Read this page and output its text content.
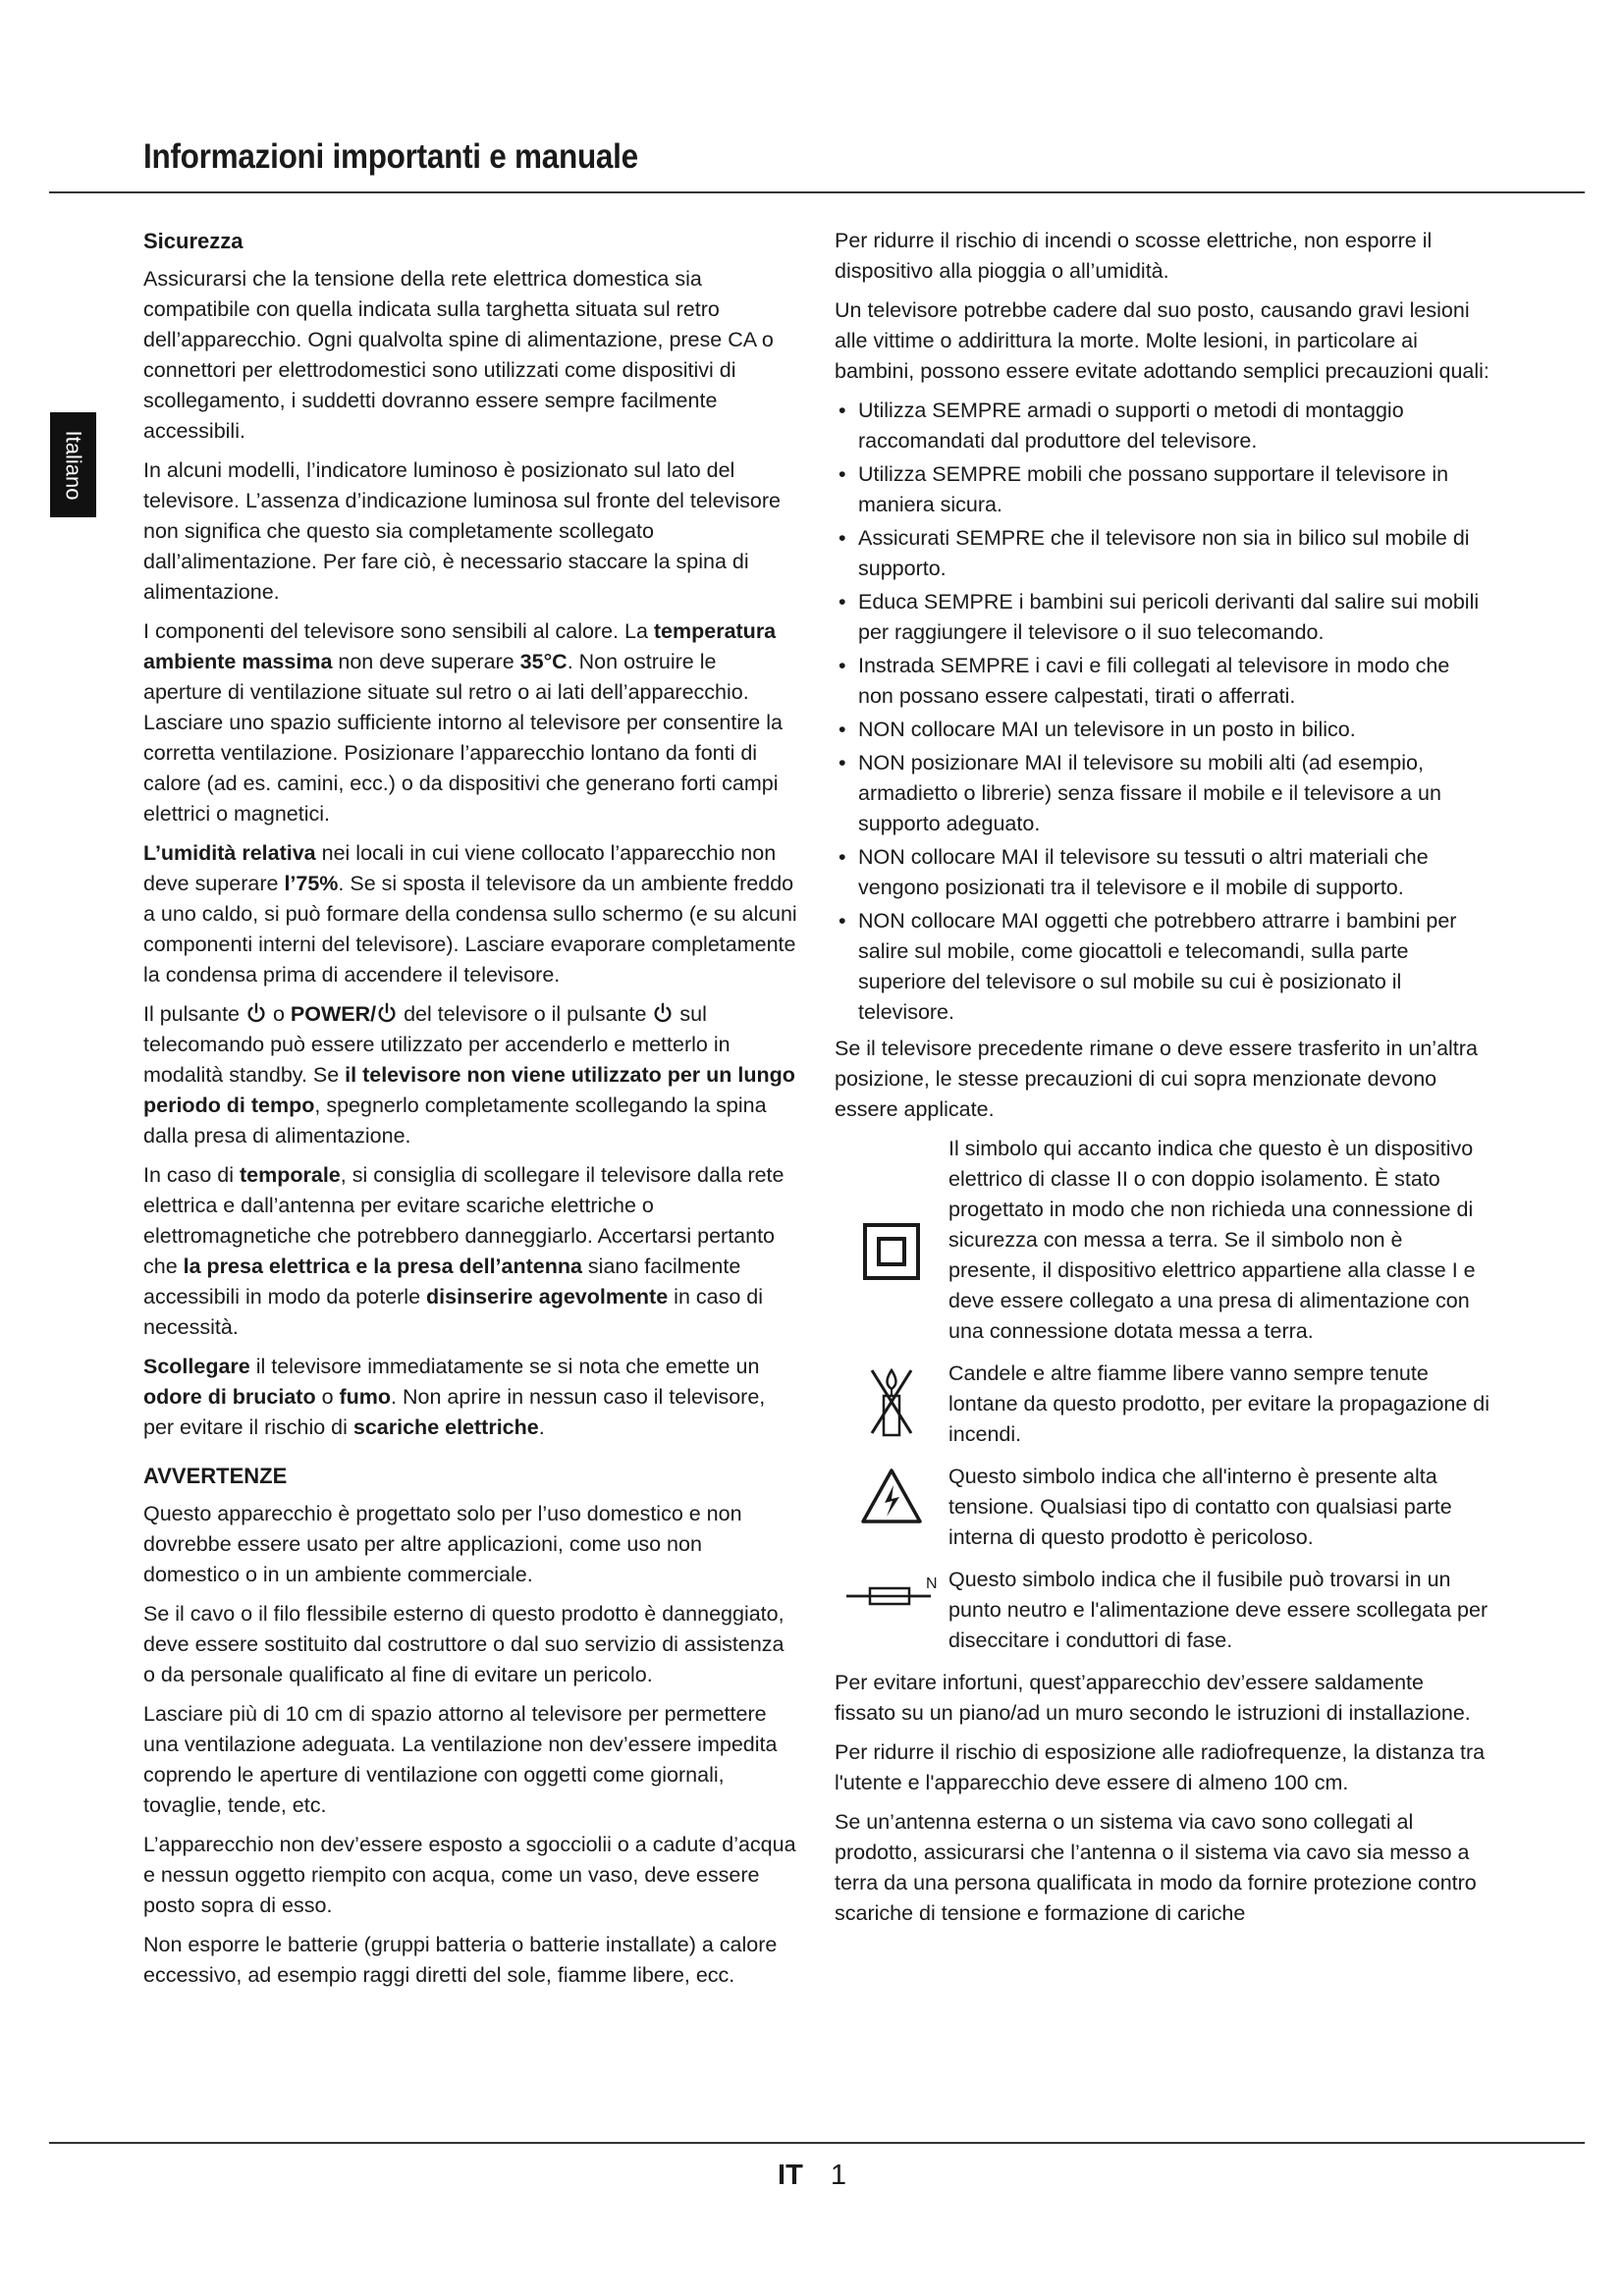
Informazioni importanti e manuale
Italiano
Sicurezza

Assicurarsi che la tensione della rete elettrica domestica sia compatibile con quella indicata sulla targhetta situata sul retro dell’apparecchio. Ogni qualvolta spine di alimentazione, prese CA o connettori per elettrodomestici sono utilizzati come dispositivi di scollegamento, i suddetti dovranno essere sempre facilmente accessibili.

In alcuni modelli, l’indicatore luminoso è posizionato sul lato del televisore. L’assenza d’indicazione luminosa sul fronte del televisore non significa che questo sia completamente scollegato dall’alimentazione. Per fare ciò, è necessario staccare la spina di alimentazione.

I componenti del televisore sono sensibili al calore. La temperatura ambiente massima non deve superare 35°C. Non ostruire le aperture di ventilazione situate sul retro o ai lati dell’apparecchio. Lasciare uno spazio sufficiente intorno al televisore per consentire la corretta ventilazione. Posizionare l’apparecchio lontano da fonti di calore (ad es. camini, ecc.) o da dispositivi che generano forti campi elettrici o magnetici.

L’umidità relativa nei locali in cui viene collocato l’apparecchio non deve superare l’75%. Se si sposta il televisore da un ambiente freddo a uno caldo, si può formare della condensa sullo schermo (e su alcuni componenti interni del televisore). Lasciare evaporare completamente la condensa prima di accendere il televisore.

Il pulsante  o POWER/ del televisore o il pulsante  sul telecomando può essere utilizzato per accenderlo e metterlo in modalità standby. Se il televisore non viene utilizzato per un lungo periodo di tempo, spegnerlo completamente scollegando la spina dalla presa di alimentazione.

In caso di temporale, si consiglia di scollegare il televisore dalla rete elettrica e dall’antenna per evitare scariche elettriche o elettromagnetiche che potrebbero danneggiarlo. Accertarsi pertanto che la presa elettrica e la presa dell’antenna siano facilmente accessibili in modo da poterle disinserire agevolmente in caso di necessità.

Scollegare il televisore immediatamente se si nota che emette un odore di bruciato o fumo. Non aprire in nessun caso il televisore, per evitare il rischio di scariche elettriche.

AVVERTENZE

Questo apparecchio è progettato solo per l’uso domestico e non dovrebbe essere usato per altre applicazioni, come uso non domestico o in un ambiente commerciale.

Se il cavo o il filo flessibile esterno di questo prodotto è danneggiato, deve essere sostituito dal costruttore o dal suo servizio di assistenza o da personale qualificato al fine di evitare un pericolo.

Lasciare più di 10 cm di spazio attorno al televisore per permettere una ventilazione adeguata. La ventilazione non dev’essere impedita coprendo le aperture di ventilazione con oggetti come giornali, tovaglie, tende, etc.

L’apparecchio non dev’essere esposto a sgocciolii o a cadute d’acqua e nessun oggetto riempito con acqua, come un vaso, deve essere posto sopra di esso.

Non esporre le batterie (gruppi batteria o batterie installate) a calore eccessivo, ad esempio raggi diretti del sole, fiamme libere, ecc.

Per ridurre il rischio di incendi o scosse elettriche, non esporre il dispositivo alla pioggia o all’umidità.

Un televisore potrebbe cadere dal suo posto, causando gravi lesioni alle vittime o addirittura la morte. Molte lesioni, in particolare ai bambini, possono essere evitate adottando semplici precauzioni quali:

• Utilizza SEMPRE armadi o supporti o metodi di montaggio raccomandati dal produttore del televisore.
• Utilizza SEMPRE mobili che possano supportare il televisore in maniera sicura.
• Assicurati SEMPRE che il televisore non sia in bilico sul mobile di supporto.
• Educa SEMPRE i bambini sui pericoli derivanti dal salire sui mobili per raggiungere il televisore o il suo telecomando.
• Instrada SEMPRE i cavi e fili collegati al televisore in modo che non possano essere calpestati, tirati o afferrati.
• NON collocare MAI un televisore in un posto in bilico.
• NON posizionare MAI il televisore su mobili alti (ad esempio, armadietto o librerie) senza fissare il mobile e il televisore a un supporto adeguato.
• NON collocare MAI il televisore su tessuti o altri materiali che vengono posizionati tra il televisore e il mobile di supporto.
• NON collocare MAI oggetti che potrebbero attrarre i bambini per salire sul mobile, come giocattoli e telecomandi, sulla parte superiore del televisore o sul mobile su cui è posizionato il televisore.

Se il televisore precedente rimane o deve essere trasferito in un’altra posizione, le stesse precauzioni di cui sopra menzionate devono essere applicate.

Il simbolo qui accanto indica che questo è un dispositivo elettrico di classe II o con doppio isolamento. È stato progettato in modo che non richieda una connessione di sicurezza con messa a terra. Se il simbolo non è presente, il dispositivo elettrico appartiene alla classe I e deve essere collegato a una presa di alimentazione con una connessione dotata messa a terra.
Candele e altre fiamme libere vanno sempre tenute lontane da questo prodotto, per evitare la propagazione di incendi.
Questo simbolo indica che all'interno è presente alta tensione. Qualsiasi tipo di contatto con qualsiasi parte interna di questo prodotto è pericoloso.
N Questo simbolo indica che il fusibile può trovarsi in un punto neutro e l'alimentazione deve essere scollegata per diseccitare i conduttori di fase.

Per evitare infortuni, quest’apparecchio dev’essere saldamente fissato su un piano/ad un muro secondo le istruzioni di installazione.

Per ridurre il rischio di esposizione alle radiofrequenze, la distanza tra l'utente e l'apparecchio deve essere di almeno 100 cm.

Se un’antenna esterna o un sistema via cavo sono collegati al prodotto, assicurarsi che l’antenna o il sistema via cavo sia messo a terra da una persona qualificata in modo da fornire protezione contro scariche di tensione e formazione di cariche

IT 1
